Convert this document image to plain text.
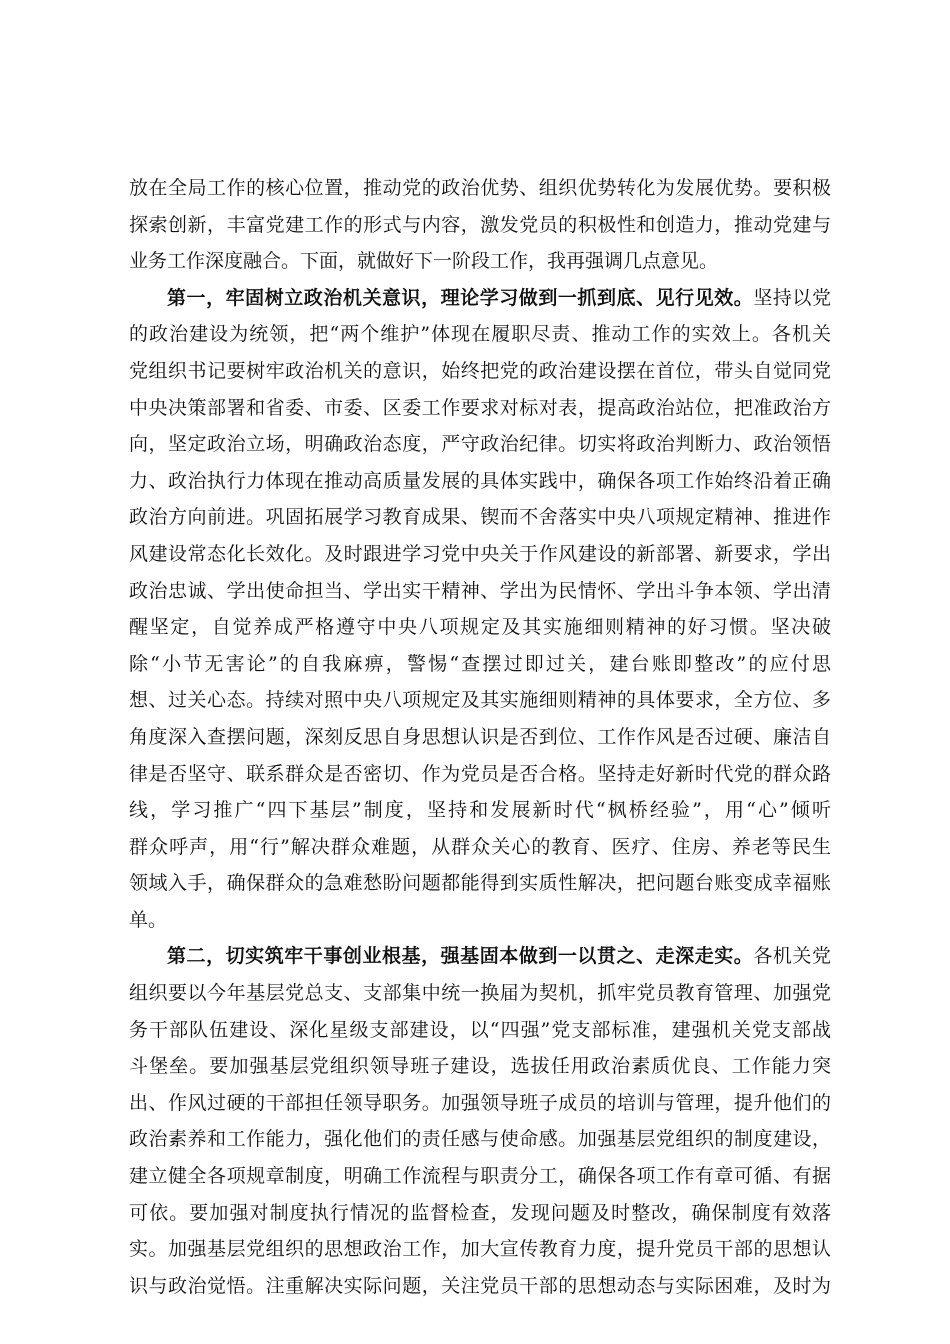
放在全局工作的核心位置，推动党的政治优势、组织优势转化为发展优势。要积极
探索创新，丰富党建工作的形式与内容，激发党员的积极性和创造力，推动党建与
业务工作深度融合。下面，就做好下一阶段工作，我再强调几点意见。
第一，牢固树立政治机关意识，理论学习做到一抓到底、见行见效。坚持以党
的政治建设为统领，把“两个维护”体现在履职尽责、推动工作的实效上。各机关
党组织书记要树牢政治机关的意识，始终把党的政治建设摆在首位，带头自觉同党
中央决策部署和省委、市委、区委工作要求对标对表，提高政治站位，把准政治方
向，坚定政治立场，明确政治态度，严守政治纪律。切实将政治判断力、政治领悟
力、政治执行力体现在推动高质量发展的具体实践中，确保各项工作始终沿着正确
政治方向前进。巩固拓展学习教育成果、锲而不舍落实中央八项规定精神、推进作
风建设常态化长效化。及时跟进学习党中央关于作风建设的新部署、新要求，学出
政治忠诚、学出使命担当、学出实干精神、学出为民情怀、学出斗争本领、学出清
醒坚定，自觉养成严格遵守中央八项规定及其实施细则精神的好习惯。坚决破
除“小节无害论”的自我麻痹，警惕“查摆过即过关，建台账即整改”的应付思
想、过关心态。持续对照中央八项规定及其实施细则精神的具体要求，全方位、多
角度深入查摆问题，深刻反思自身思想认识是否到位、工作作风是否过硬、廉洁自
律是否坚守、联系群众是否密切、作为党员是否合格。坚持走好新时代党的群众路
线，学习推广“四下基层”制度，坚持和发展新时代“枫桥经验”，用“心”倾听
群众呼声，用“行”解决群众难题，从群众关心的教育、医疗、住房、养老等民生
领域入手，确保群众的急难愁盼问题都能得到实质性解决，把问题台账变成幸福账
单。
第二，切实筑牢干事创业根基，强基固本做到一以贯之、走深走实。各机关党
组织要以今年基层党总支、支部集中统一换届为契机，抓牢党员教育管理、加强党
务干部队伍建设、深化星级支部建设，以“四强”党支部标准，建强机关党支部战
斗堡垒。要加强基层党组织领导班子建设，选拔任用政治素质优良、工作能力突
出、作风过硬的干部担任领导职务。加强领导班子成员的培训与管理，提升他们的
政治素养和工作能力，强化他们的责任感与使命感。加强基层党组织的制度建设，
建立健全各项规章制度，明确工作流程与职责分工，确保各项工作有章可循、有据
可依。要加强对制度执行情况的监督检查，发现问题及时整改，确保制度有效落
实。加强基层党组织的思想政治工作，加大宣传教育力度，提升党员干部的思想认
识与政治觉悟。注重解决实际问题，关注党员干部的思想动态与实际困难，及时为
